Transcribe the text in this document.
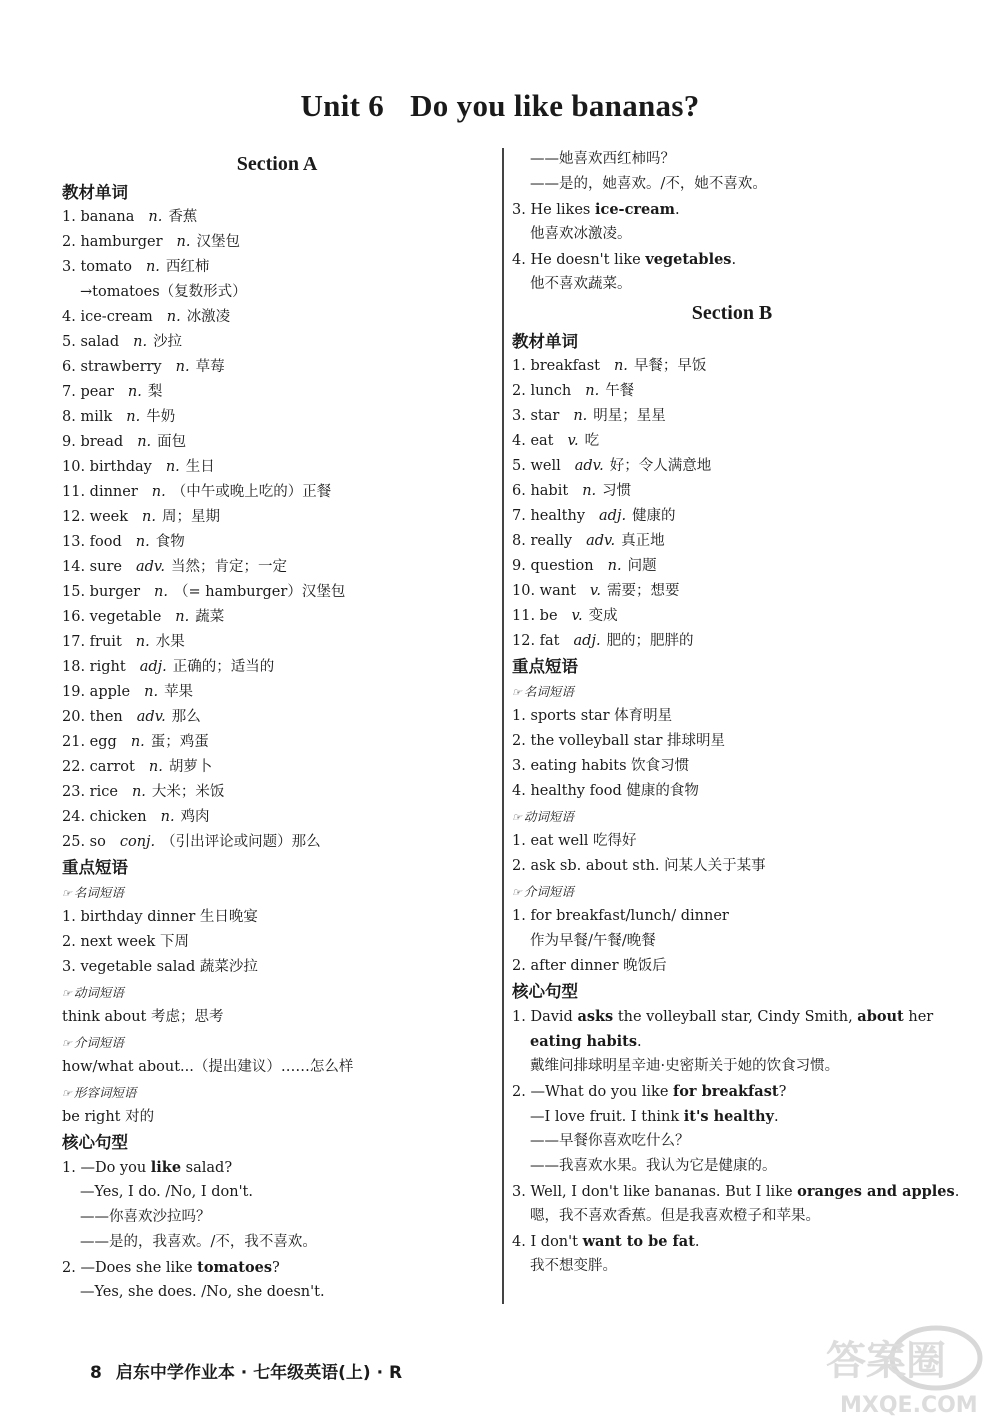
Unit 6 Do you like bananas?
Section A
教材单词
1. banana n. 香蕉
2. hamburger n. 汉堡包
3. tomato n. 西红柿
→tomatoes（复数形式）
4. ice-cream n. 冰激凌
5. salad n. 沙拉
6. strawberry n. 草莓
7. pear n. 梨
8. milk n. 牛奶
9. bread n. 面包
10. birthday n. 生日
11. dinner n. （中午或晚上吃的）正餐
12. week n. 周；星期
13. food n. 食物
14. sure adv. 当然；肯定；一定
15. burger n. （= hamburger）汉堡包
16. vegetable n. 蔬菜
17. fruit n. 水果
18. right adj. 正确的；适当的
19. apple n. 苹果
20. then adv. 那么
21. egg n. 蛋；鸡蛋
22. carrot n. 胡萝卜
23. rice n. 大米；米饭
24. chicken n. 鸡肉
25. so conj. （引出评论或问题）那么
重点短语
☞ 名词短语
1. birthday dinner 生日晚宴
2. next week 下周
3. vegetable salad 蔬菜沙拉
☞ 动词短语
think about 考虑；思考
☞ 介词短语
how/what about...（提出建议）……怎么样
☞ 形容词短语
be right 对的
核心句型
1. —Do you like salad?
—Yes, I do. /No, I don't.
——你喜欢沙拉吗？
——是的，我喜欢。/不，我不喜欢。
2. —Does she like tomatoes?
—Yes, she does. /No, she doesn't.
——她喜欢西红柿吗？
——是的，她喜欢。/不，她不喜欢。
3. He likes ice-cream.
他喜欢冰激凌。
4. He doesn't like vegetables.
他不喜欢蔬菜。
Section B
教材单词
1. breakfast n. 早餐；早饭
2. lunch n. 午餐
3. star n. 明星；星星
4. eat v. 吃
5. well adv. 好；令人满意地
6. habit n. 习惯
7. healthy adj. 健康的
8. really adv. 真正地
9. question n. 问题
10. want v. 需要；想要
11. be v. 变成
12. fat adj. 肥的；肥胖的
重点短语
☞ 名词短语
1. sports star 体育明星
2. the volleyball star 排球明星
3. eating habits 饮食习惯
4. healthy food 健康的食物
☞ 动词短语
1. eat well 吃得好
2. ask sb. about sth. 问某人关于某事
☞ 介词短语
1. for breakfast/lunch/ dinner
作为早餐/午餐/晚餐
2. after dinner 晚饭后
核心句型
1. David asks the volleyball star, Cindy Smith, about her
eating habits.
戴维问排球明星辛迪·史密斯关于她的饮食习惯。
2. —What do you like for breakfast?
—I love fruit. I think it's healthy.
——早餐你喜欢吃什么？
——我喜欢水果。我认为它是健康的。
3. Well, I don't like bananas. But I like oranges and apples.
嗯，我不喜欢香蕉。但是我喜欢橙子和苹果。
4. I don't want to be fat.
我不想变胖。
8 启东中学作业本 · 七年级英语(上) · R	答案圈
MXQE.COM
